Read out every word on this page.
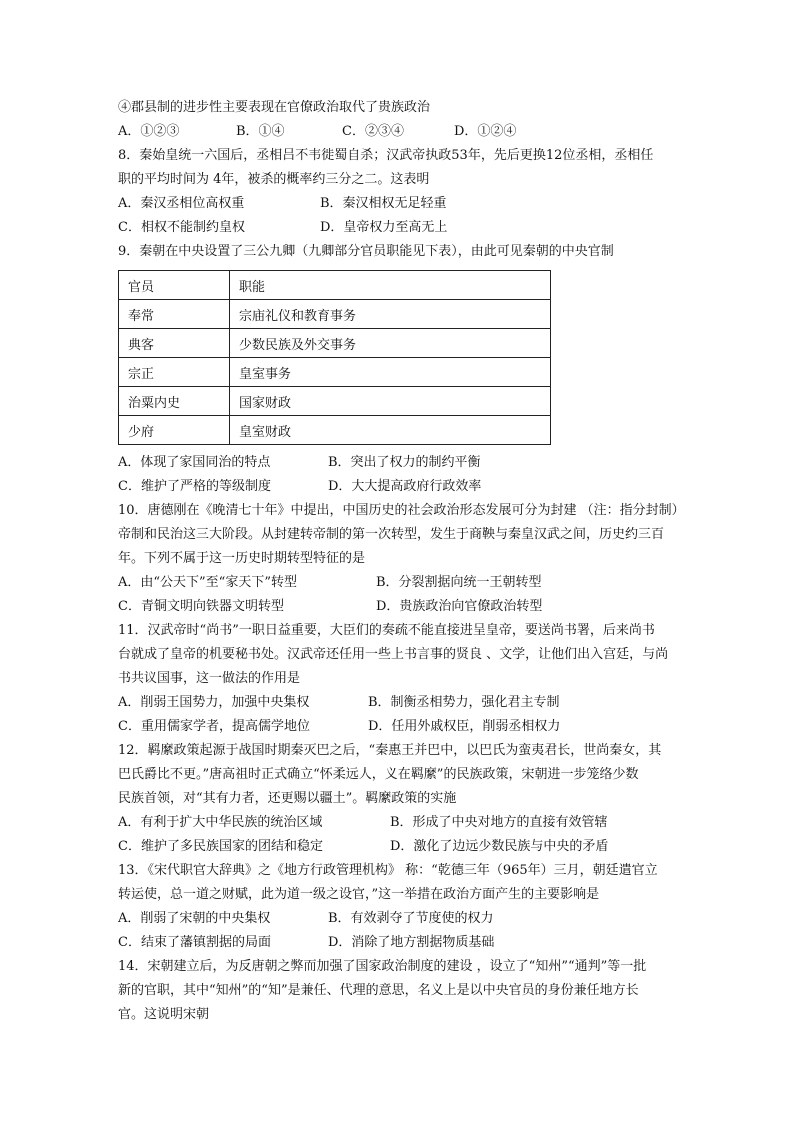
④郡县制的进步性主要表现在官僚政治取代了贵族政治
A．①②③	B．①④	C．②③④	D．①②④
8．秦始皇统一六国后，丞相吕不韦徙蜀自杀；汉武帝执政53年，先后更换12位丞相，丞相任
职的平均时间为 4年，被杀的概率约三分之二。这表明
A．秦汉丞相位高权重	B．秦汉相权无足轻重
C．相权不能制约皇权	D．皇帝权力至高无上
9．秦朝在中央设置了三公九卿（九卿部分官员职能见下表），由此可见秦朝的中央官制
官员	职能
奉常	宗庙礼仪和教育事务
典客	少数民族及外交事务
宗正	皇室事务
治粟内史	国家财政
少府	皇室财政
A．体现了家国同治的特点	B．突出了权力的制约平衡
C．维护了严格的等级制度	D．大大提高政府行政效率
10．唐德刚在《晚清七十年》中提出，中国历史的社会政治形态发展可分为封建 （注：指分封制）
帝制和民治这三大阶段。从封建转帝制的第一次转型，发生于商鞅与秦皇汉武之间，历史约三百
年。下列不属于这一历史时期转型特征的是
A．由“公天下”至“家天下”转型	B．分裂割据向统一王朝转型
C．青铜文明向铁器文明转型	D．贵族政治向官僚政治转型
11．汉武帝时“尚书”一职日益重要，大臣们的奏疏不能直接进呈皇帝，要送尚书署，后来尚书
台就成了皇帝的机要秘书处。汉武帝还任用一些上书言事的贤良 、文学，让他们出入宫廷，与尚
书共议国事，这一做法的作用是
A．削弱王国势力，加强中央集权	B．制衡丞相势力，强化君主专制
C．重用儒家学者，提高儒学地位	D．任用外戚权臣，削弱丞相权力
12．羁縻政策起源于战国时期秦灭巴之后，“秦惠王并巴中，以巴氏为蛮夷君长，世尚秦女，其
巴氏爵比不更。”唐高祖时正式确立“怀柔远人，义在羁縻”的民族政策，宋朝进一步笼络少数
民族首领，对“其有力者，还更赐以疆土”。羁縻政策的实施
A．有利于扩大中华民族的统治区域	B．形成了中央对地方的直接有效管辖
C．维护了多民族国家的团结和稳定	D．激化了边远少数民族与中央的矛盾
13．《宋代职官大辞典》之《地方行政管理机构》 称：“乾德三年（965年）三月，朝廷遣官立
转运使，总一道之财赋，此为道一级之设官，”这一举措在政治方面产生的主要影响是
A．削弱了宋朝的中央集权	B．有效剥夺了节度使的权力
C．结束了藩镇割据的局面	D．消除了地方割据物质基础
14．宋朝建立后，为反唐朝之弊而加强了国家政治制度的建设 ，设立了“知州”“通判”等一批
新的官职，其中“知州”的“知”是兼任、代理的意思，名义上是以中央官员的身份兼任地方长
官。这说明宋朝
